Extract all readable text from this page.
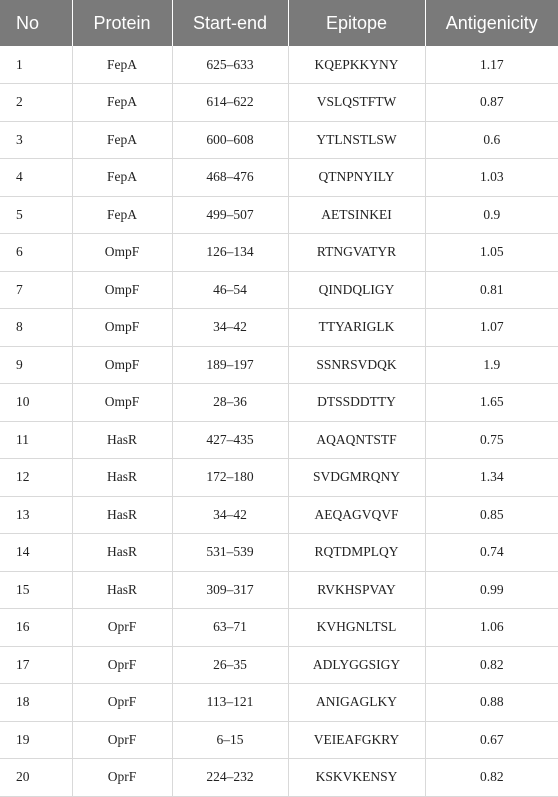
No	Protein	Start-end	Epitope	Antigenicity
1	FepA	625–633	KQEPKKYNY	1.17
2	FepA	614–622	VSLQSTFTW	0.87
3	FepA	600–608	YTLNSTLSW	0.6
4	FepA	468–476	QTNPNYILY	1.03
5	FepA	499–507	AETSINKEI	0.9
6	OmpF	126–134	RTNGVATYR	1.05
7	OmpF	46–54	QINDQLIGY	0.81
8	OmpF	34–42	TTYARIGLK	1.07
9	OmpF	189–197	SSNRSVDQK	1.9
10	OmpF	28–36	DTSSDDTTY	1.65
11	HasR	427–435	AQAQNTSTF	0.75
12	HasR	172–180	SVDGMRQNY	1.34
13	HasR	34–42	AEQAGVQVF	0.85
14	HasR	531–539	RQTDMPLQY	0.74
15	HasR	309–317	RVKHSPVAY	0.99
16	OprF	63–71	KVHGNLTSL	1.06
17	OprF	26–35	ADLYGGSIGY	0.82
18	OprF	113–121	ANIGAGLKY	0.88
19	OprF	6–15	VEIEAFGKRY	0.67
20	OprF	224–232	KSKVKENSY	0.82
